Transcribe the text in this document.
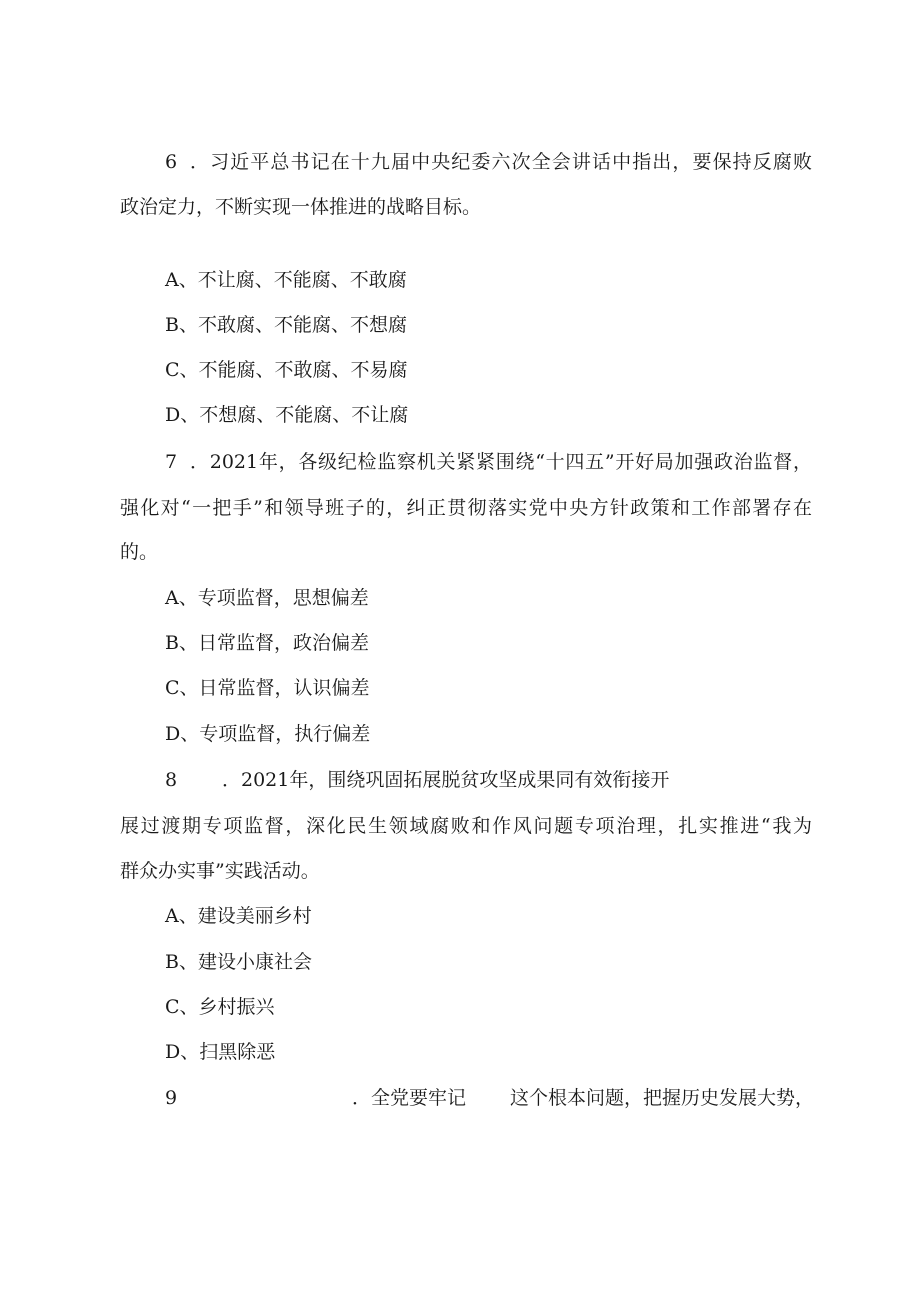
6 ．习近平总书记在十九届中央纪委六次全会讲话中指出，要保持反腐败
政治定力，不断实现一体推进的战略目标。
A、不让腐、不能腐、不敢腐
B、不敢腐、不能腐、不想腐
C、不能腐、不敢腐、不易腐
D、不想腐、不能腐、不让腐
7 ．2021年，各级纪检监察机关紧紧围绕“十四五”开好局加强政治监督，
强化对“一把手”和领导班子的，纠正贯彻落实党中央方针政策和工作部署存在
的。
A、专项监督，思想偏差
B、日常监督，政治偏差
C、日常监督，认识偏差
D、专项监督，执行偏差
8 ．2021年，围绕巩固拓展脱贫攻坚成果同有效衔接开
展过渡期专项监督，深化民生领域腐败和作风问题专项治理，扎实推进“我为
群众办实事”实践活动。
A、建设美丽乡村
B、建设小康社会
C、乡村振兴
D、扫黑除恶
9	．全党要牢记 这个根本问题，把握历史发展大势，
